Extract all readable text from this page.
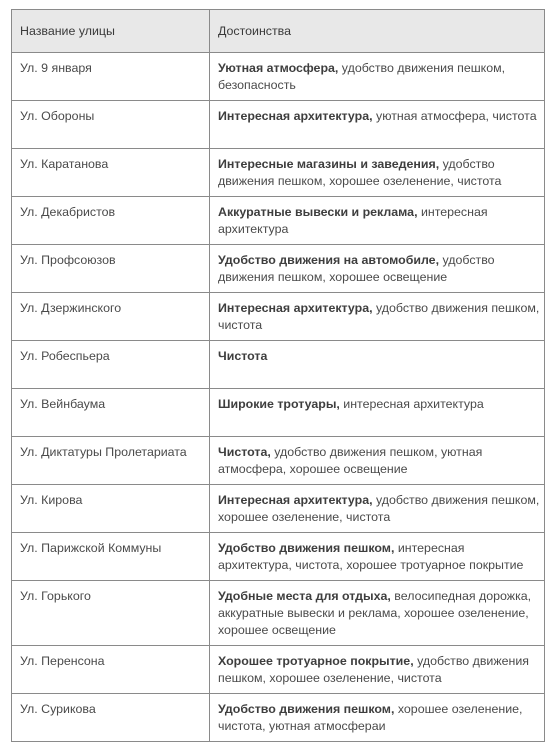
Название улицы	Достоинства
Ул. 9 января	Уютная атмосфера, удобство движения пешком, безопасность
Ул. Обороны	Интересная архитектура, уютная атмосфера, чистота
Ул. Каратанова	Интересные магазины и заведения, удобство движения пешком, хорошее озеленение, чистота
Ул. Декабристов	Аккуратные вывески и реклама, интересная архитектура
Ул. Профсоюзов	Удобство движения на автомобиле, удобство движения пешком, хорошее освещение
Ул. Дзержинского	Интересная архитектура, удобство движения пешком, чистота
Ул. Робеспьера	Чистота
Ул. Вейнбаума	Широкие тротуары, интересная архитектура
Ул. Диктатуры Пролетариата	Чистота, удобство движения пешком, уютная атмосфера, хорошее освещение
Ул. Кирова	Интересная архитектура, удобство движения пешком, хорошее озеленение, чистота
Ул. Парижской Коммуны	Удобство движения пешком, интересная архитектура, чистота, хорошее тротуарное покрытие
Ул. Горького	Удобные места для отдыха, велосипедная дорожка, аккуратные вывески и реклама, хорошее озеленение, хорошее освещение
Ул. Перенсона	Хорошее тротуарное покрытие, удобство движения пешком, хорошее озеленение, чистота
Ул. Сурикова	Удобство движения пешком, хорошее озеленение, чистота, уютная атмосфераи
